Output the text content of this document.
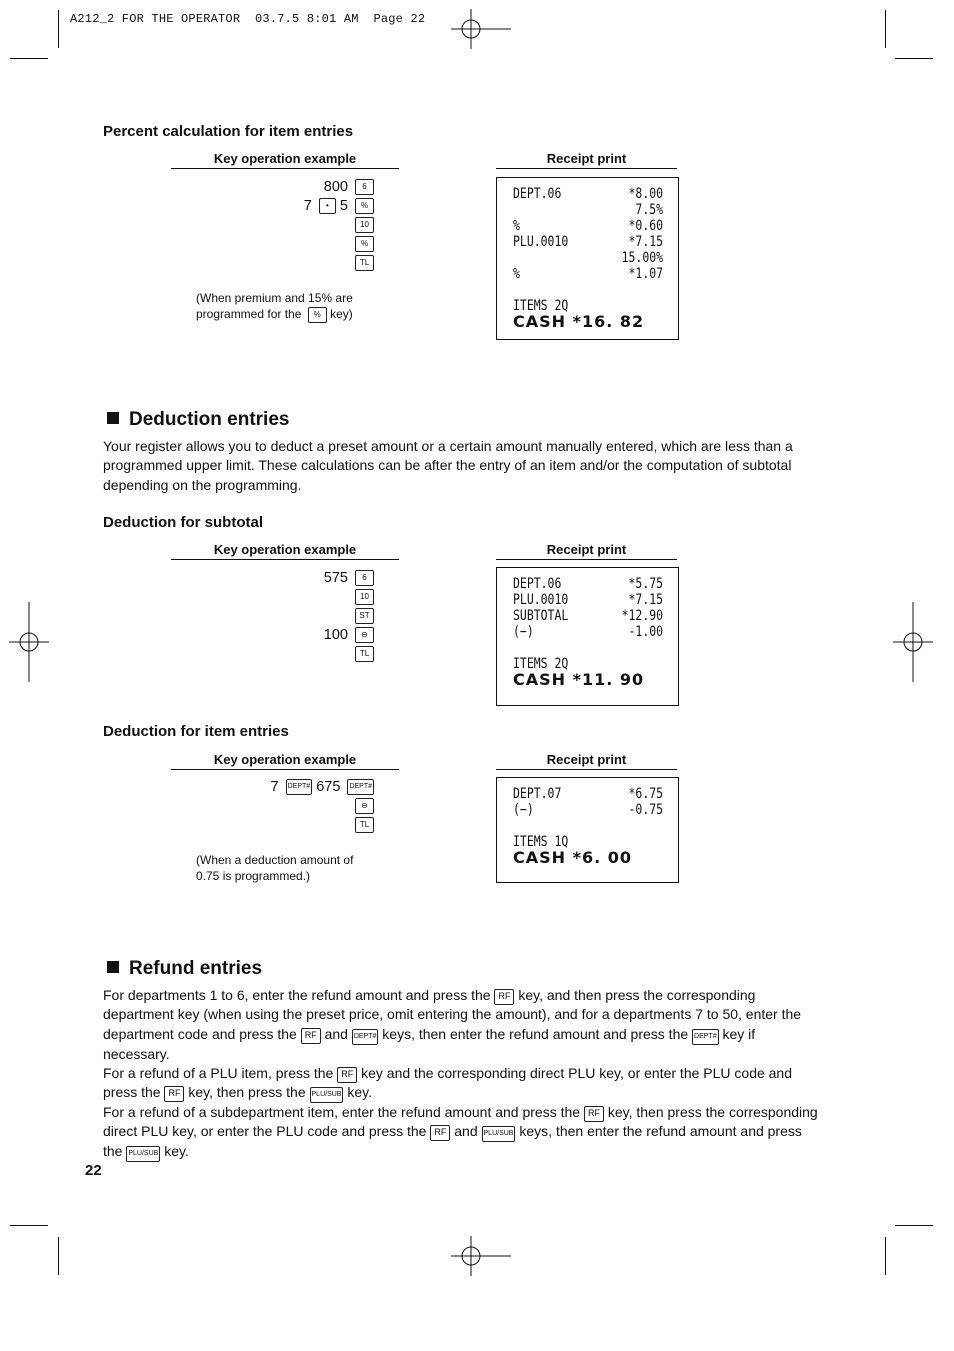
A212_2 FOR THE OPERATOR  03.7.5 8:01 AM  Page 22
Percent calculation for item entries
Key operation example	Receipt print
800 6
7 • 5 %
10
%
TL
(When premium and 15% are
programmed for the % key)
DEPT.06	*8.00
7.5%
%	*0.60
PLU.0010	*7.15
15.00%
%	*1.07
ITEMS 2Q
CASH *16. 82
Deduction entries
Your register allows you to deduct a preset amount or a certain amount manually entered, which are less than a programmed upper limit. These calculations can be after the entry of an item and/or the computation of subtotal depending on the programming.
Deduction for subtotal
Key operation example	Receipt print
575 6
10
ST
100 ⊖
TL
DEPT.06	*5.75
PLU.0010	*7.15
SUBTOTAL	*12.90
(−)	-1.00
ITEMS 2Q
CASH *11. 90
Deduction for item entries
Key operation example	Receipt print
7 DEPT# 675 DEPT#
⊖
TL
(When a deduction amount of
0.75 is programmed.)
DEPT.07	*6.75
(−)	-0.75
ITEMS 1Q
CASH *6. 00
Refund entries
For departments 1 to 6, enter the refund amount and press the RF key, and then press the corresponding department key (when using the preset price, omit entering the amount), and for a departments 7 to 50, enter the department code and press the RF and DEPT# keys, then enter the refund amount and press the DEPT# key if necessary.
For a refund of a PLU item, press the RF key and the corresponding direct PLU key, or enter the PLU code and press the RF key, then press the PLU/SUB key.
For a refund of a subdepartment item, enter the refund amount and press the RF key, then press the corresponding direct PLU key, or enter the PLU code and press the RF and PLU/SUB keys, then enter the refund amount and press the PLU/SUB key.
22
